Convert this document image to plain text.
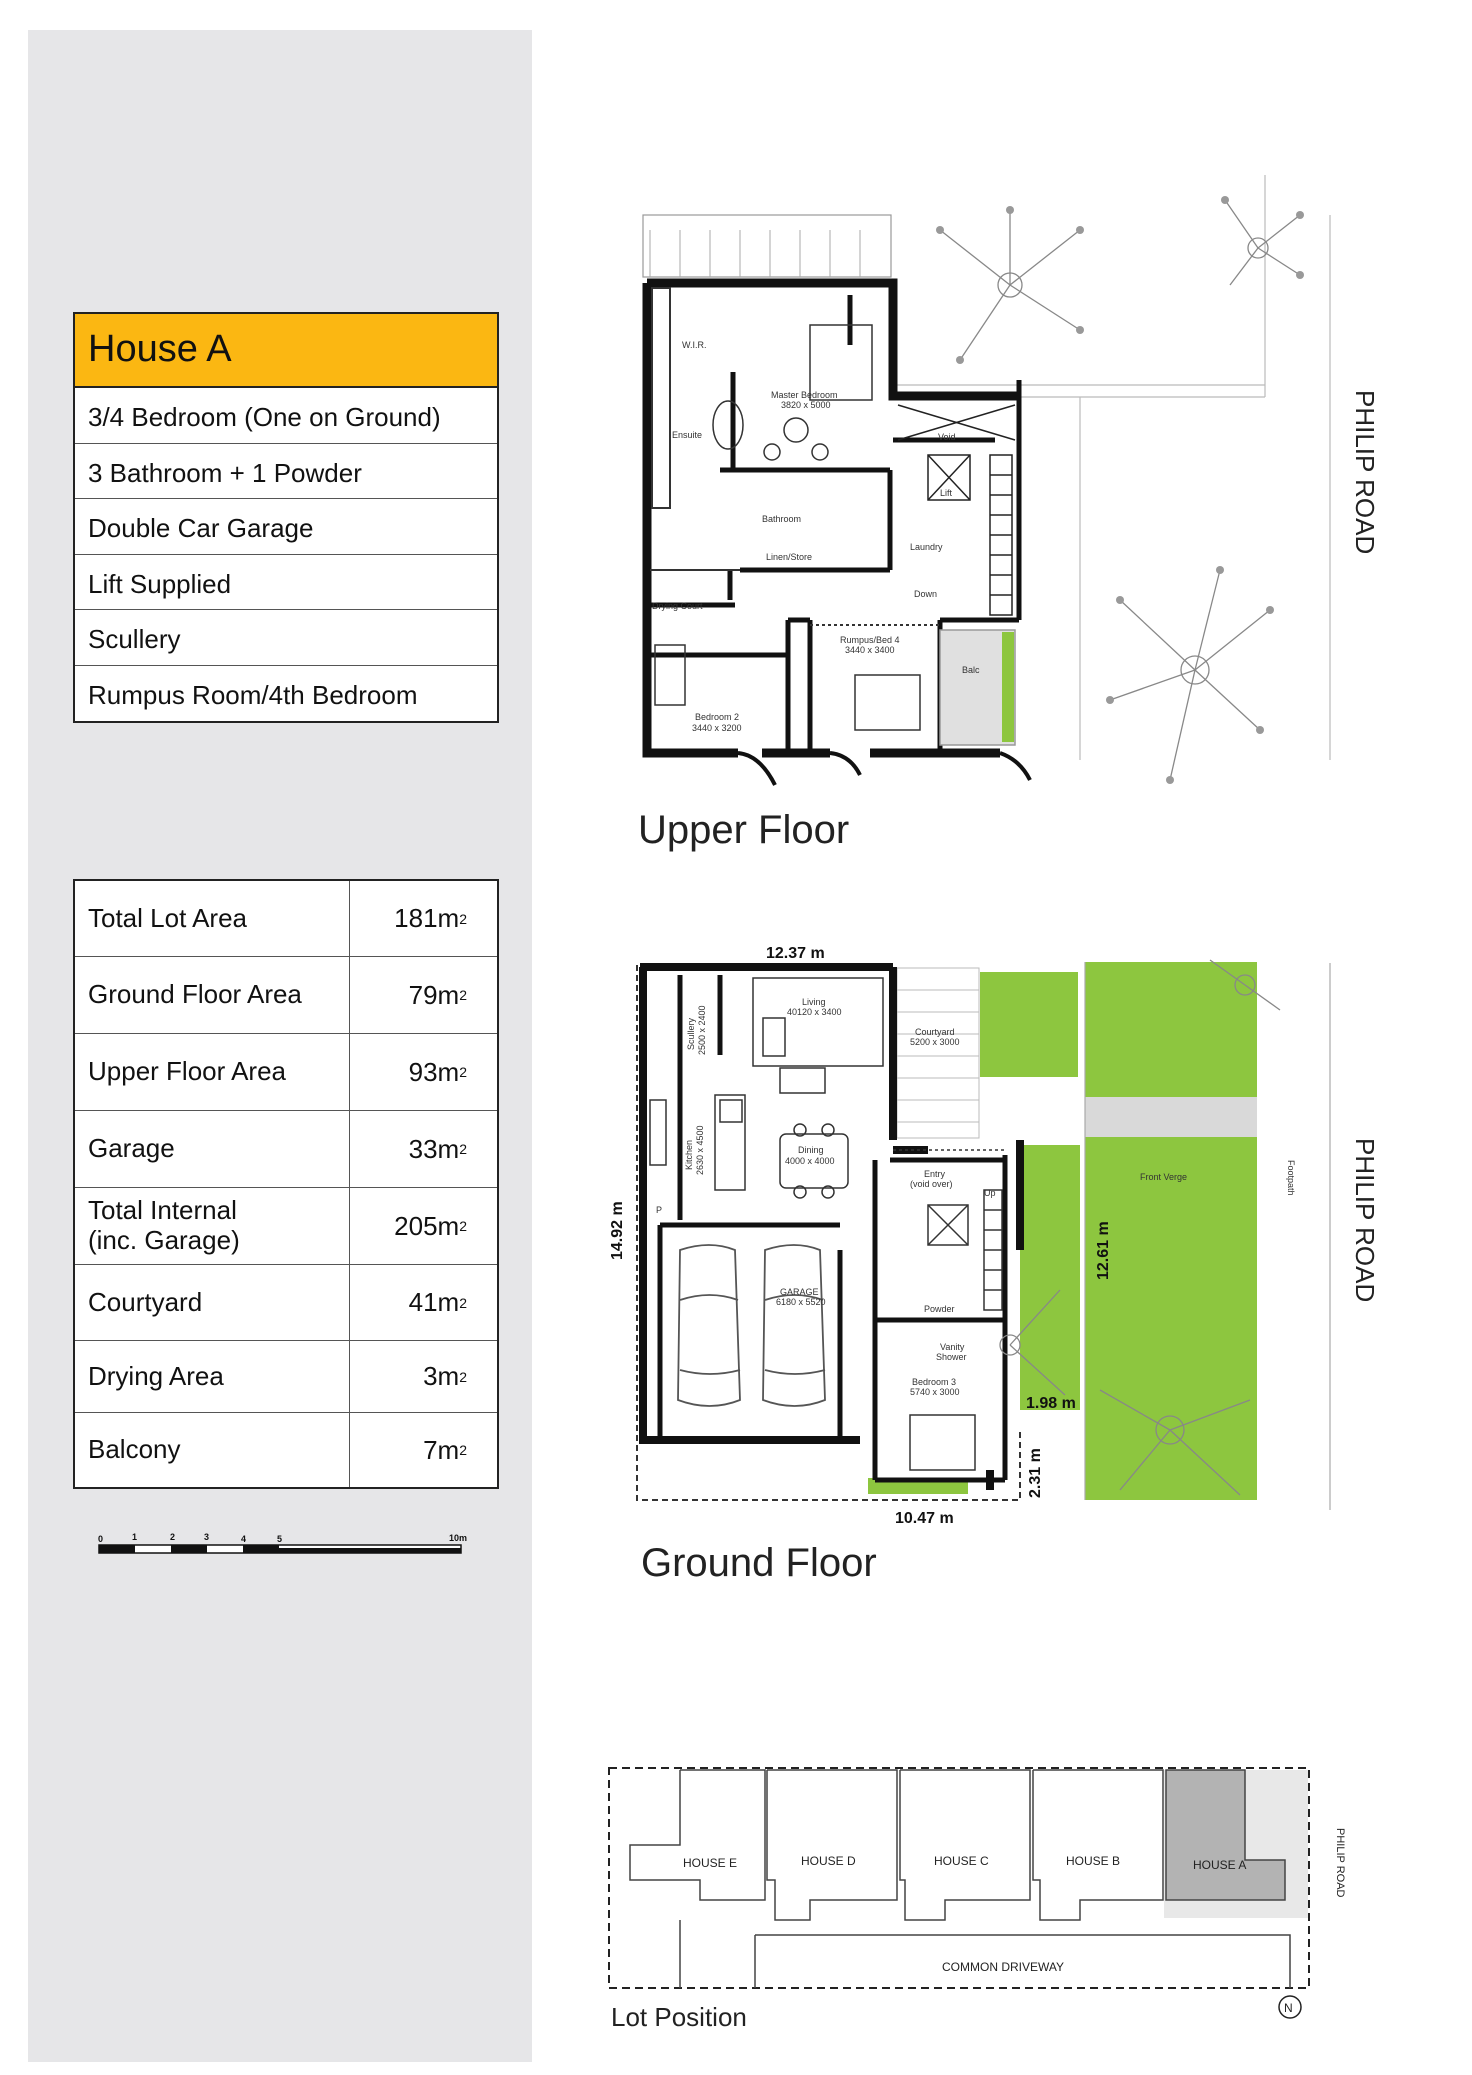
House A
3/4 Bedroom (One on Ground)
3 Bathroom + 1 Powder
Double Car Garage
Lift Supplied
Scullery
Rumpus Room/4th Bedroom
Total Lot Area	181m 2
Ground Floor Area	79m 2
Upper Floor Area	93m 2
Garage	33m 2
Total Internal
(inc. Garage)	205m 2
Courtyard	41m 2
Drying Area	3m 2
Balcony	7m 2
0	1	2	3	4	5	10m
W.I.R.
Master Bedroom
3820 x 5000
Ensuite	Void
Lift
Bathroom
Laundry
Linen/Store
Drying Court
Down
Rumpus/Bed 4
3440 x 3400
Balc
Bedroom 2
3440 x 3200
PHILIP ROAD
Upper Floor
Scullery 2500 x 2400
Living
40120 x 3400
Courtyard
5200 x 3000
Kitchen 2630 x 4500	Dining
4000 x 4000
Entry
(void over)
Up
Front Verge	Footpath
GARAGE
6180 x 5520
Powder
Vanity
Shower
Bedroom 3
5740 x 3000
P
12.37 m
14.92 m	12.61 m
10.47 m
2.31 m
1.98 m
PHILIP ROAD
Ground Floor
HOUSE E	HOUSE D	HOUSE C	HOUSE B	HOUSE A
COMMON DRIVEWAY
PHILIP ROAD
N
Lot Position
